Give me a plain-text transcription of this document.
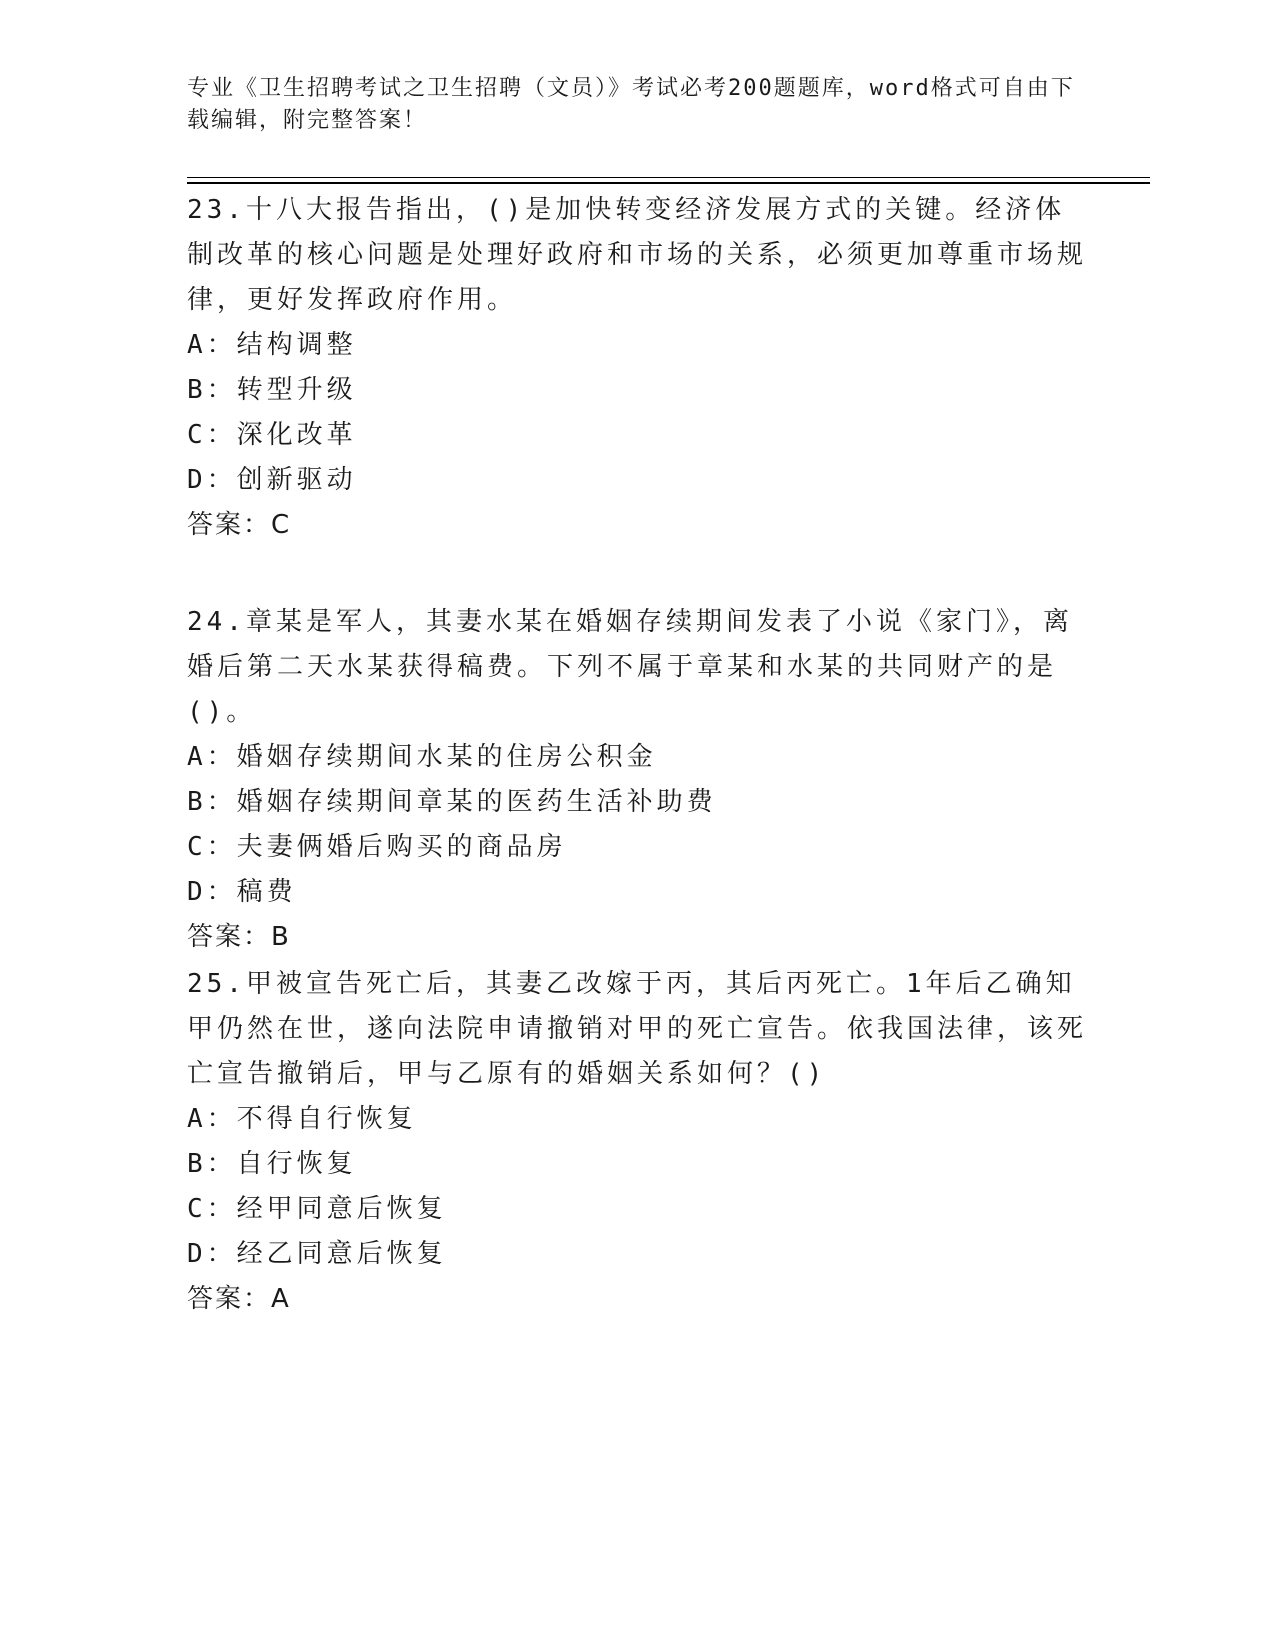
专业《卫生招聘考试之卫生招聘（文员）》考试必考200题题库，word格式可自由下载编辑，附完整答案！
23.十八大报告指出，()是加快转变经济发展方式的关键。经济体制改革的核心问题是处理好政府和市场的关系，必须更加尊重市场规律，更好发挥政府作用。
A：结构调整
B：转型升级
C：深化改革
D：创新驱动
答案：C
24.章某是军人，其妻水某在婚姻存续期间发表了小说《家门》，离婚后第二天水某获得稿费。下列不属于章某和水某的共同财产的是()。
A：婚姻存续期间水某的住房公积金
B：婚姻存续期间章某的医药生活补助费
C：夫妻俩婚后购买的商品房
D：稿费
答案：B
25.甲被宣告死亡后，其妻乙改嫁于丙，其后丙死亡。1年后乙确知甲仍然在世，遂向法院申请撤销对甲的死亡宣告。依我国法律，该死亡宣告撤销后，甲与乙原有的婚姻关系如何？()
A：不得自行恢复
B：自行恢复
C：经甲同意后恢复
D：经乙同意后恢复
答案：A
